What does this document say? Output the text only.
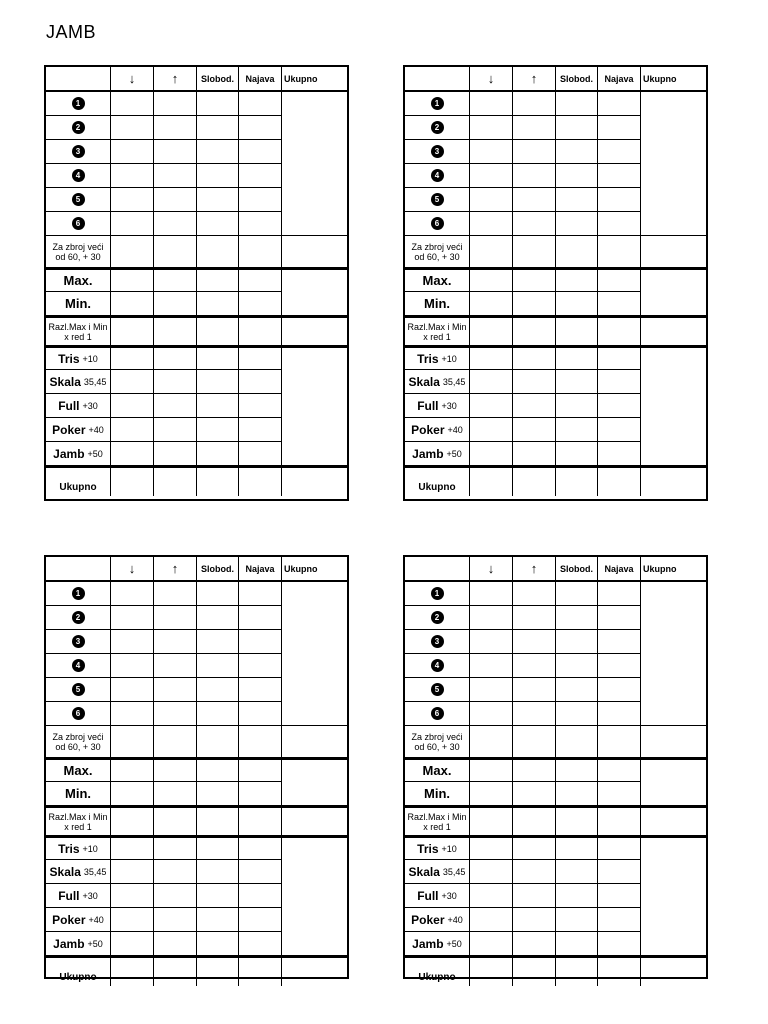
JAMB
↓	↑	Slobod.	Najava	Ukupno
1
2
3
4
5
6
Za zbroj veći
od 60, + 30
Max.
Min.
Razl.Max i Min
x red 1
Tris +10
Skala 35,45
Full +30
Poker +40
Jamb +50
Ukupno
↓	↑	Slobod.	Najava	Ukupno
1
2
3
4
5
6
Za zbroj veći
od 60, + 30
Max.
Min.
Razl.Max i Min
x red 1
Tris +10
Skala 35,45
Full +30
Poker +40
Jamb +50
Ukupno
↓	↑	Slobod.	Najava	Ukupno
1
2
3
4
5
6
Za zbroj veći
od 60, + 30
Max.
Min.
Razl.Max i Min
x red 1
Tris +10
Skala 35,45
Full +30
Poker +40
Jamb +50
Ukupno
↓	↑	Slobod.	Najava	Ukupno
1
2
3
4
5
6
Za zbroj veći
od 60, + 30
Max.
Min.
Razl.Max i Min
x red 1
Tris +10
Skala 35,45
Full +30
Poker +40
Jamb +50
Ukupno
